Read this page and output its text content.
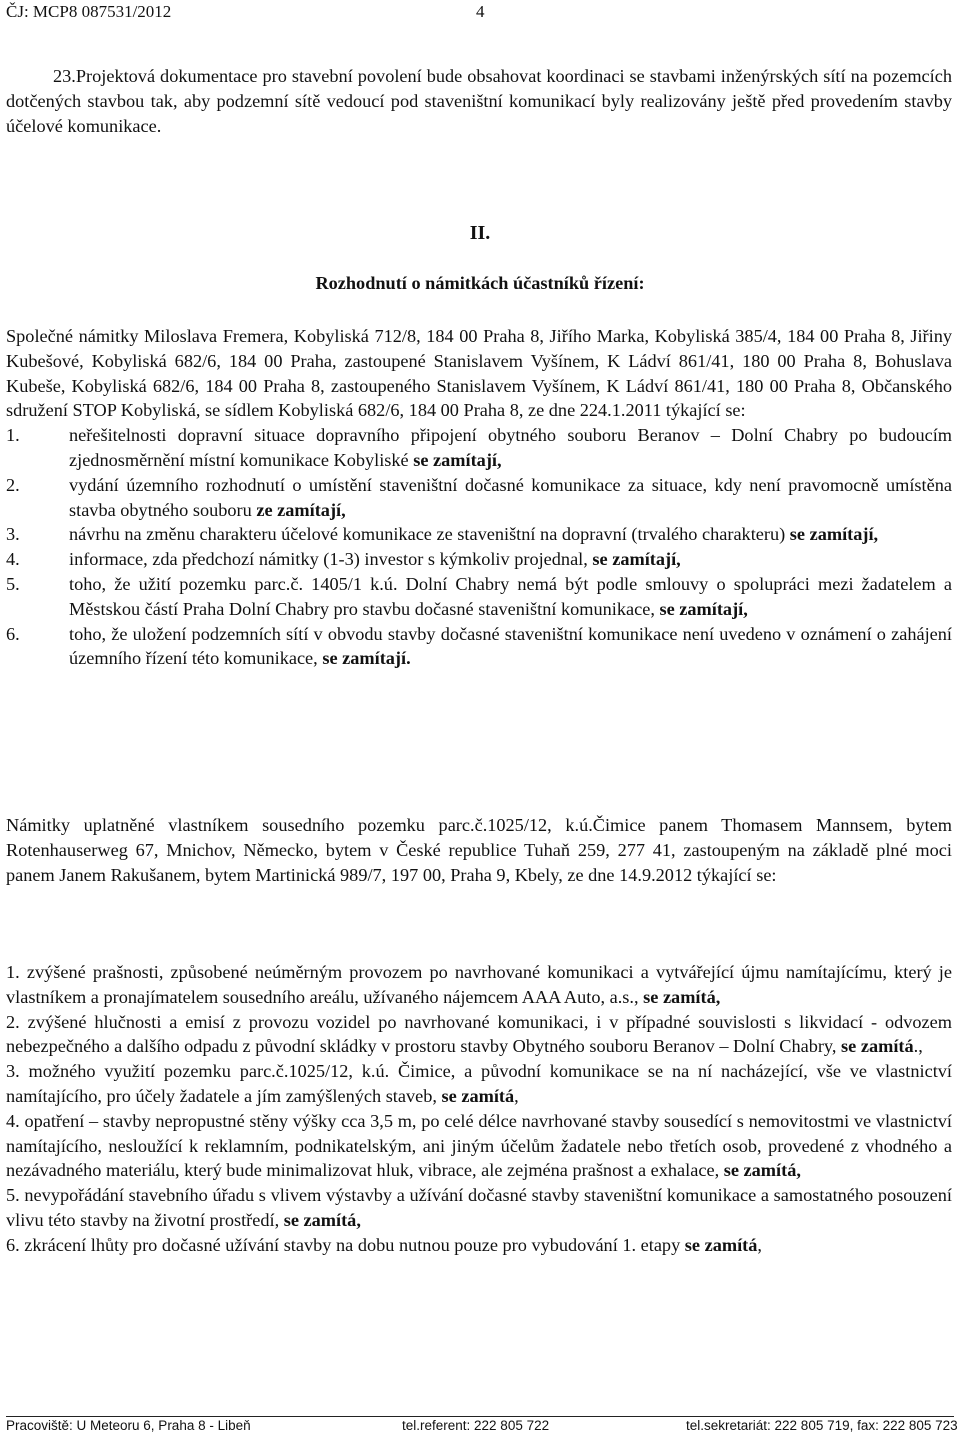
ČJ: MCP8 087531/2012	4
23.Projektová dokumentace pro stavební povolení bude obsahovat koordinaci se stavbami inženýrských sítí na pozemcích dotčených stavbou tak, aby podzemní sítě vedoucí pod staveništní komunikací byly realizovány ještě před provedením stavby účelové komunikace.
II.
Rozhodnutí o námitkách účastníků řízení:
Společné námitky Miloslava Fremera, Kobyliská 712/8, 184 00 Praha 8, Jiřího Marka, Kobyliská 385/4, 184 00 Praha 8, Jiřiny Kubešové, Kobyliská 682/6, 184 00 Praha, zastoupené Stanislavem Vyšínem, K Ládví 861/41, 180 00 Praha 8, Bohuslava Kubeše, Kobyliská 682/6, 184 00 Praha 8, zastoupeného Stanislavem Vyšínem, K Ládví 861/41, 180 00 Praha 8, Občanského sdružení STOP Kobyliská, se sídlem Kobyliská 682/6, 184 00 Praha 8, ze dne 224.1.2011 týkající se:
1.	neřešitelnosti dopravní situace dopravního připojení obytného souboru Beranov – Dolní Chabry po budoucím zjednosměrnění místní komunikace Kobyliské se zamítají,
2.	vydání územního rozhodnutí o umístění staveništní dočasné komunikace za situace, kdy není pravomocně umístěna stavba obytného souboru ze zamítají,
3.	návrhu na změnu charakteru účelové komunikace ze staveništní na dopravní (trvalého charakteru) se zamítají,
4.	informace, zda předchozí námitky (1-3) investor s kýmkoliv projednal, se zamítají,
5.	toho, že užití pozemku parc.č. 1405/1 k.ú. Dolní Chabry nemá být podle smlouvy o spolupráci mezi žadatelem a Městskou částí Praha Dolní Chabry pro stavbu dočasné staveništní komunikace, se zamítají,
6.	toho, že uložení podzemních sítí v obvodu stavby dočasné staveništní komunikace není uvedeno v oznámení o zahájení územního řízení této komunikace, se zamítají.
Námitky uplatněné vlastníkem sousedního pozemku parc.č.1025/12, k.ú.Čimice panem Thomasem Mannsem, bytem Rotenhauserweg 67, Mnichov, Německo, bytem v České republice Tuhaň 259, 277 41, zastoupeným na základě plné moci panem Janem Rakušanem, bytem Martinická 989/7, 197 00, Praha 9, Kbely, ze dne 14.9.2012 týkající se:
1. zvýšené prašnosti, způsobené neúměrným provozem po navrhované komunikaci a vytvářející újmu namítajícímu, který je vlastníkem a pronajímatelem sousedního areálu, užívaného nájemcem AAA Auto, a.s., se zamítá,
2. zvýšené hlučnosti a emisí z provozu vozidel po navrhované komunikaci, i v případné souvislosti s likvidací - odvozem nebezpečného a dalšího odpadu z původní skládky v prostoru stavby Obytného souboru Beranov – Dolní Chabry, se zamítá.,
3. možného využití pozemku parc.č.1025/12, k.ú. Čimice, a původní komunikace se na ní nacházející, vše ve vlastnictví namítajícího, pro účely žadatele a jím zamýšlených staveb, se zamítá,
4. opatření – stavby nepropustné stěny výšky cca 3,5 m, po celé délce navrhované stavby sousedící s nemovitostmi ve vlastnictví namítajícího, nesloužící k reklamním, podnikatelským, ani jiným účelům žadatele nebo třetích osob, provedené z vhodného a nezávadného materiálu, který bude minimalizovat hluk, vibrace, ale zejména prašnost a exhalace, se zamítá,
5. nevypořádání stavebního úřadu s vlivem výstavby a užívání dočasné stavby staveništní komunikace a samostatného posouzení vlivu této stavby na životní prostředí, se zamítá,
6. zkrácení lhůty pro dočasné užívání stavby na dobu nutnou pouze pro vybudování 1. etapy se zamítá,
Pracoviště: U Meteoru 6, Praha 8 - Libeň	tel.referent: 222 805 722	tel.sekretariát: 222 805 719, fax: 222 805 723
